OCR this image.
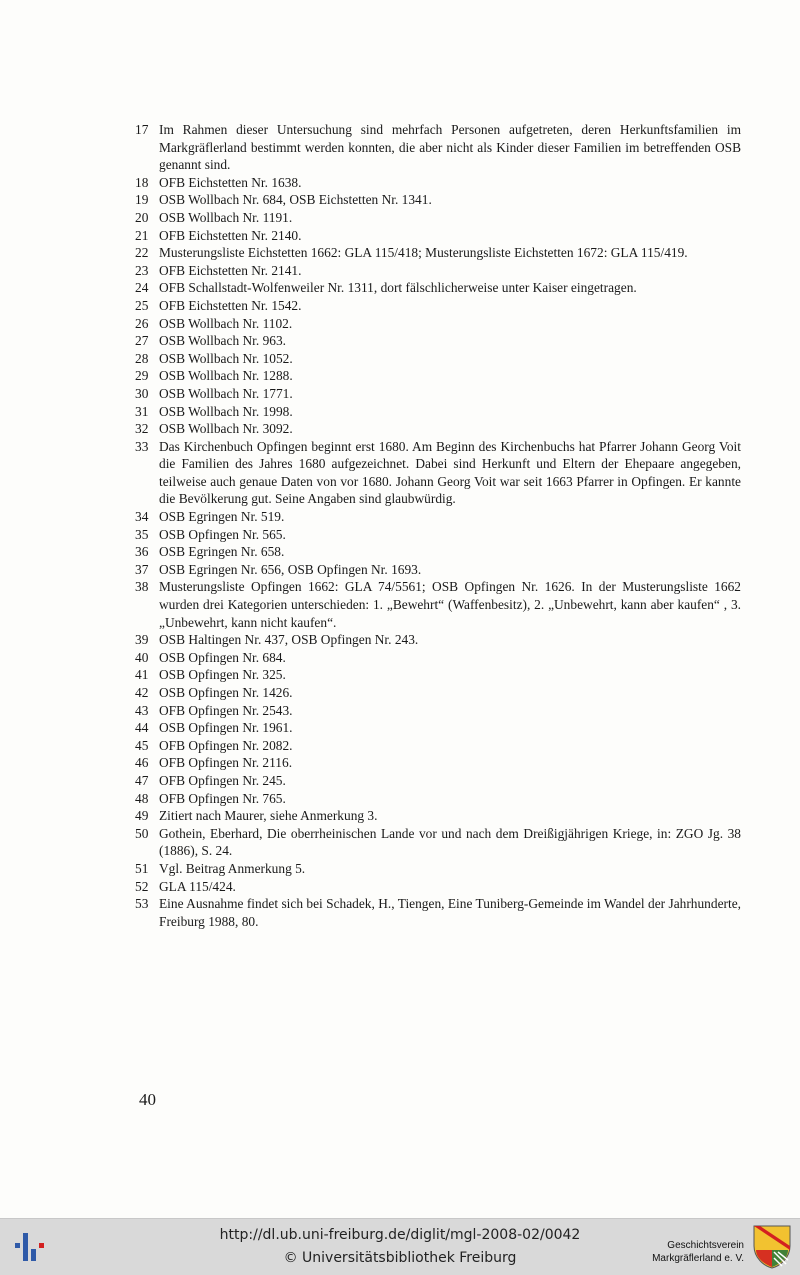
17 Im Rahmen dieser Untersuchung sind mehrfach Personen aufgetreten, deren Herkunftsfamilien im Markgräflerland bestimmt werden konnten, die aber nicht als Kinder dieser Familien im betreffenden OSB genannt sind.
18 OFB Eichstetten Nr. 1638.
19 OSB Wollbach Nr. 684, OSB Eichstetten Nr. 1341.
20 OSB Wollbach Nr. 1191.
21 OFB Eichstetten Nr. 2140.
22 Musterungsliste Eichstetten 1662: GLA 115/418; Musterungsliste Eichstetten 1672: GLA 115/419.
23 OFB Eichstetten Nr. 2141.
24 OFB Schallstadt-Wolfenweiler Nr. 1311, dort fälschlicherweise unter Kaiser eingetragen.
25 OFB Eichstetten Nr. 1542.
26 OSB Wollbach Nr. 1102.
27 OSB Wollbach Nr. 963.
28 OSB Wollbach Nr. 1052.
29 OSB Wollbach Nr. 1288.
30 OSB Wollbach Nr. 1771.
31 OSB Wollbach Nr. 1998.
32 OSB Wollbach Nr. 3092.
33 Das Kirchenbuch Opfingen beginnt erst 1680. Am Beginn des Kirchenbuchs hat Pfarrer Johann Georg Voit die Familien des Jahres 1680 aufgezeichnet. Dabei sind Herkunft und Eltern der Ehepaare angegeben, teilweise auch genaue Daten von vor 1680. Johann Georg Voit war seit 1663 Pfarrer in Opfingen. Er kannte die Bevölkerung gut. Seine Angaben sind glaubwürdig.
34 OSB Egringen Nr. 519.
35 OSB Opfingen Nr. 565.
36 OSB Egringen Nr. 658.
37 OSB Egringen Nr. 656, OSB Opfingen Nr. 1693.
38 Musterungsliste Opfingen 1662: GLA 74/5561; OSB Opfingen Nr. 1626. In der Musterungsliste 1662 wurden drei Kategorien unterschieden: 1. „Bewehrt“ (Waffenbesitz), 2. „Unbewehrt, kann aber kaufen“ , 3. „Unbewehrt, kann nicht kaufen“.
39 OSB Haltingen Nr. 437, OSB Opfingen Nr. 243.
40 OSB Opfingen Nr. 684.
41 OSB Opfingen Nr. 325.
42 OSB Opfingen Nr. 1426.
43 OFB Opfingen Nr. 2543.
44 OSB Opfingen Nr. 1961.
45 OFB Opfingen Nr. 2082.
46 OFB Opfingen Nr. 2116.
47 OFB Opfingen Nr. 245.
48 OFB Opfingen Nr. 765.
49 Zitiert nach Maurer, siehe Anmerkung 3.
50 Gothein, Eberhard, Die oberrheinischen Lande vor und nach dem Dreißigjährigen Kriege, in: ZGO Jg. 38 (1886), S. 24.
51 Vgl. Beitrag Anmerkung 5.
52 GLA 115/424.
53 Eine Ausnahme findet sich bei Schadek, H., Tiengen, Eine Tuniberg-Gemeinde im Wandel der Jahrhunderte, Freiburg 1988, 80.
40
http://dl.ub.uni-freiburg.de/diglit/mgl-2008-02/0042
© Universitätsbibliothek Freiburg
Geschichtsverein
Markgräflerland e. V.
